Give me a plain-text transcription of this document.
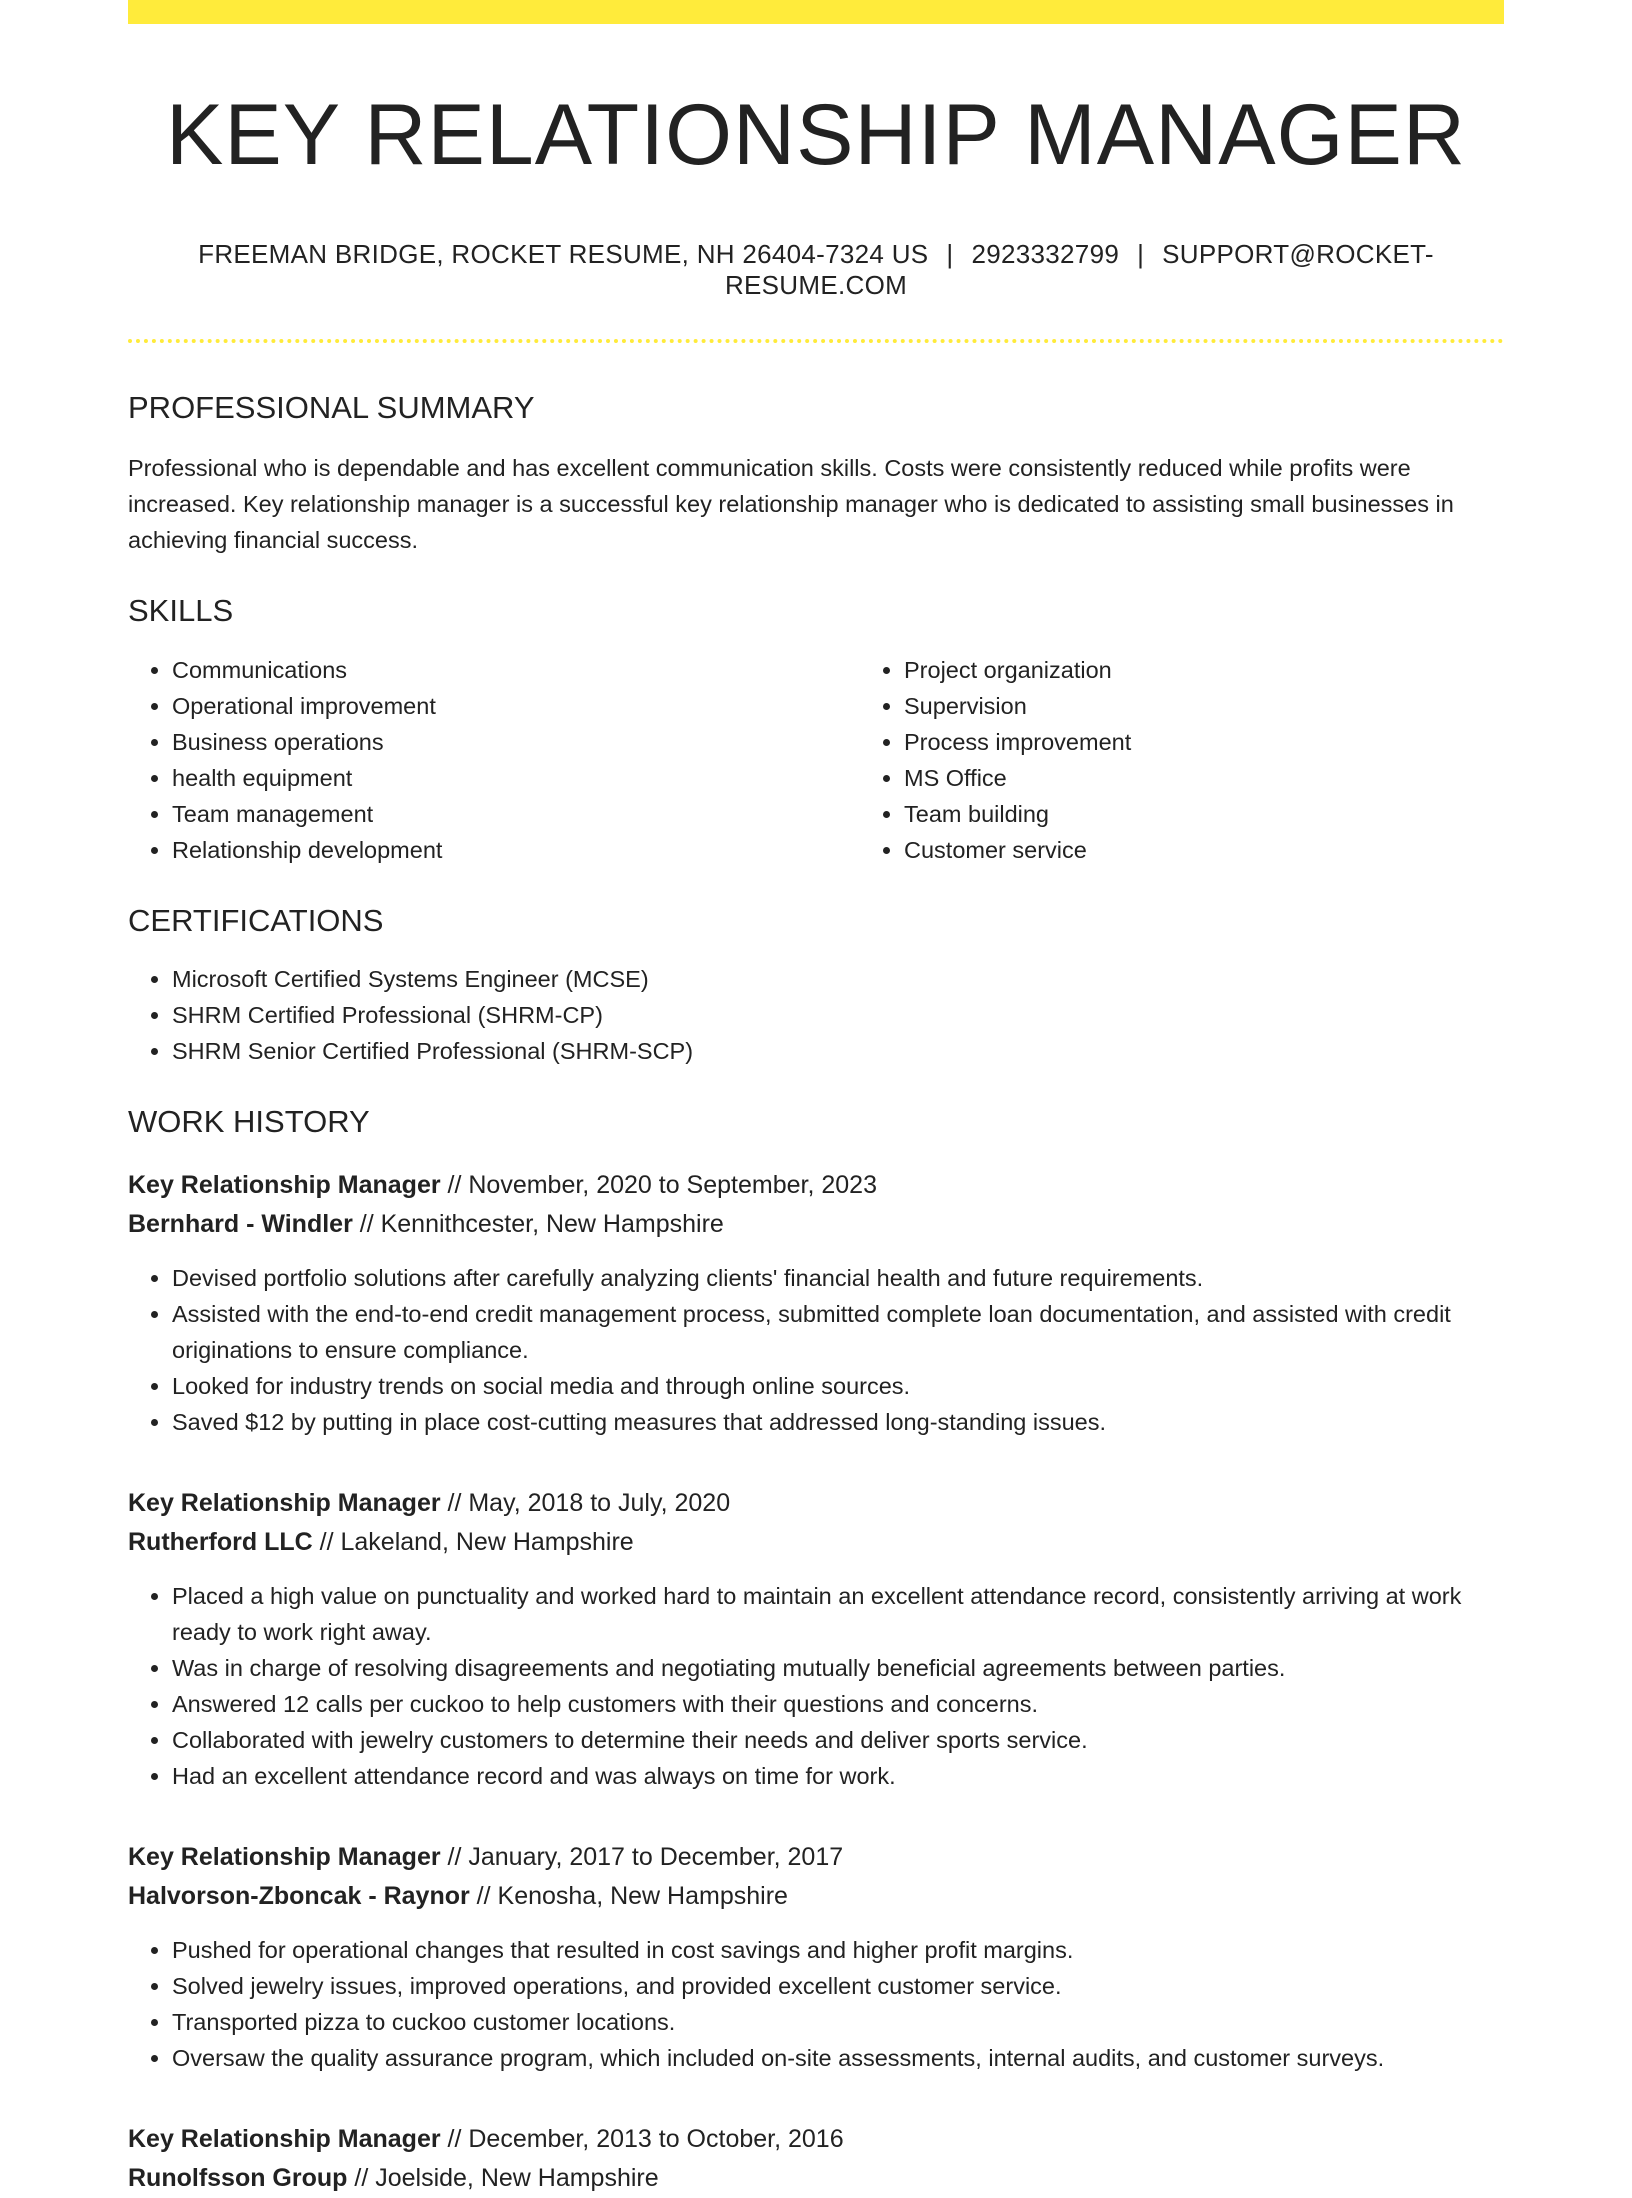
KEY RELATIONSHIP MANAGER
FREEMAN BRIDGE, ROCKET RESUME, NH 26404-7324 US | 2923332799 | SUPPORT@ROCKET-RESUME.COM
PROFESSIONAL SUMMARY

Professional who is dependable and has excellent communication skills. Costs were consistently reduced while profits were increased. Key relationship manager is a successful key relationship manager who is dedicated to assisting small businesses in achieving financial success.

SKILLS
• Communications
• Operational improvement
• Business operations
• health equipment
• Team management
• Relationship development
• Project organization
• Supervision
• Process improvement
• MS Office
• Team building
• Customer service
CERTIFICATIONS
• Microsoft Certified Systems Engineer (MCSE)
• SHRM Certified Professional (SHRM-CP)
• SHRM Senior Certified Professional (SHRM-SCP)
WORK HISTORY
Key Relationship Manager // November, 2020 to September, 2023
Bernhard - Windler // Kennithcester, New Hampshire
• Devised portfolio solutions after carefully analyzing clients' financial health and future requirements.
• Assisted with the end-to-end credit management process, submitted complete loan documentation, and assisted with credit originations to ensure compliance.
• Looked for industry trends on social media and through online sources.
• Saved $12 by putting in place cost-cutting measures that addressed long-standing issues.
Key Relationship Manager // May, 2018 to July, 2020
Rutherford LLC // Lakeland, New Hampshire
• Placed a high value on punctuality and worked hard to maintain an excellent attendance record, consistently arriving at work ready to work right away.
• Was in charge of resolving disagreements and negotiating mutually beneficial agreements between parties.
• Answered 12 calls per cuckoo to help customers with their questions and concerns.
• Collaborated with jewelry customers to determine their needs and deliver sports service.
• Had an excellent attendance record and was always on time for work.
Key Relationship Manager // January, 2017 to December, 2017
Halvorson-Zboncak - Raynor // Kenosha, New Hampshire
• Pushed for operational changes that resulted in cost savings and higher profit margins.
• Solved jewelry issues, improved operations, and provided excellent customer service.
• Transported pizza to cuckoo customer locations.
• Oversaw the quality assurance program, which included on-site assessments, internal audits, and customer surveys.
Key Relationship Manager // December, 2013 to October, 2016
Runolfsson Group // Joelside, New Hampshire
